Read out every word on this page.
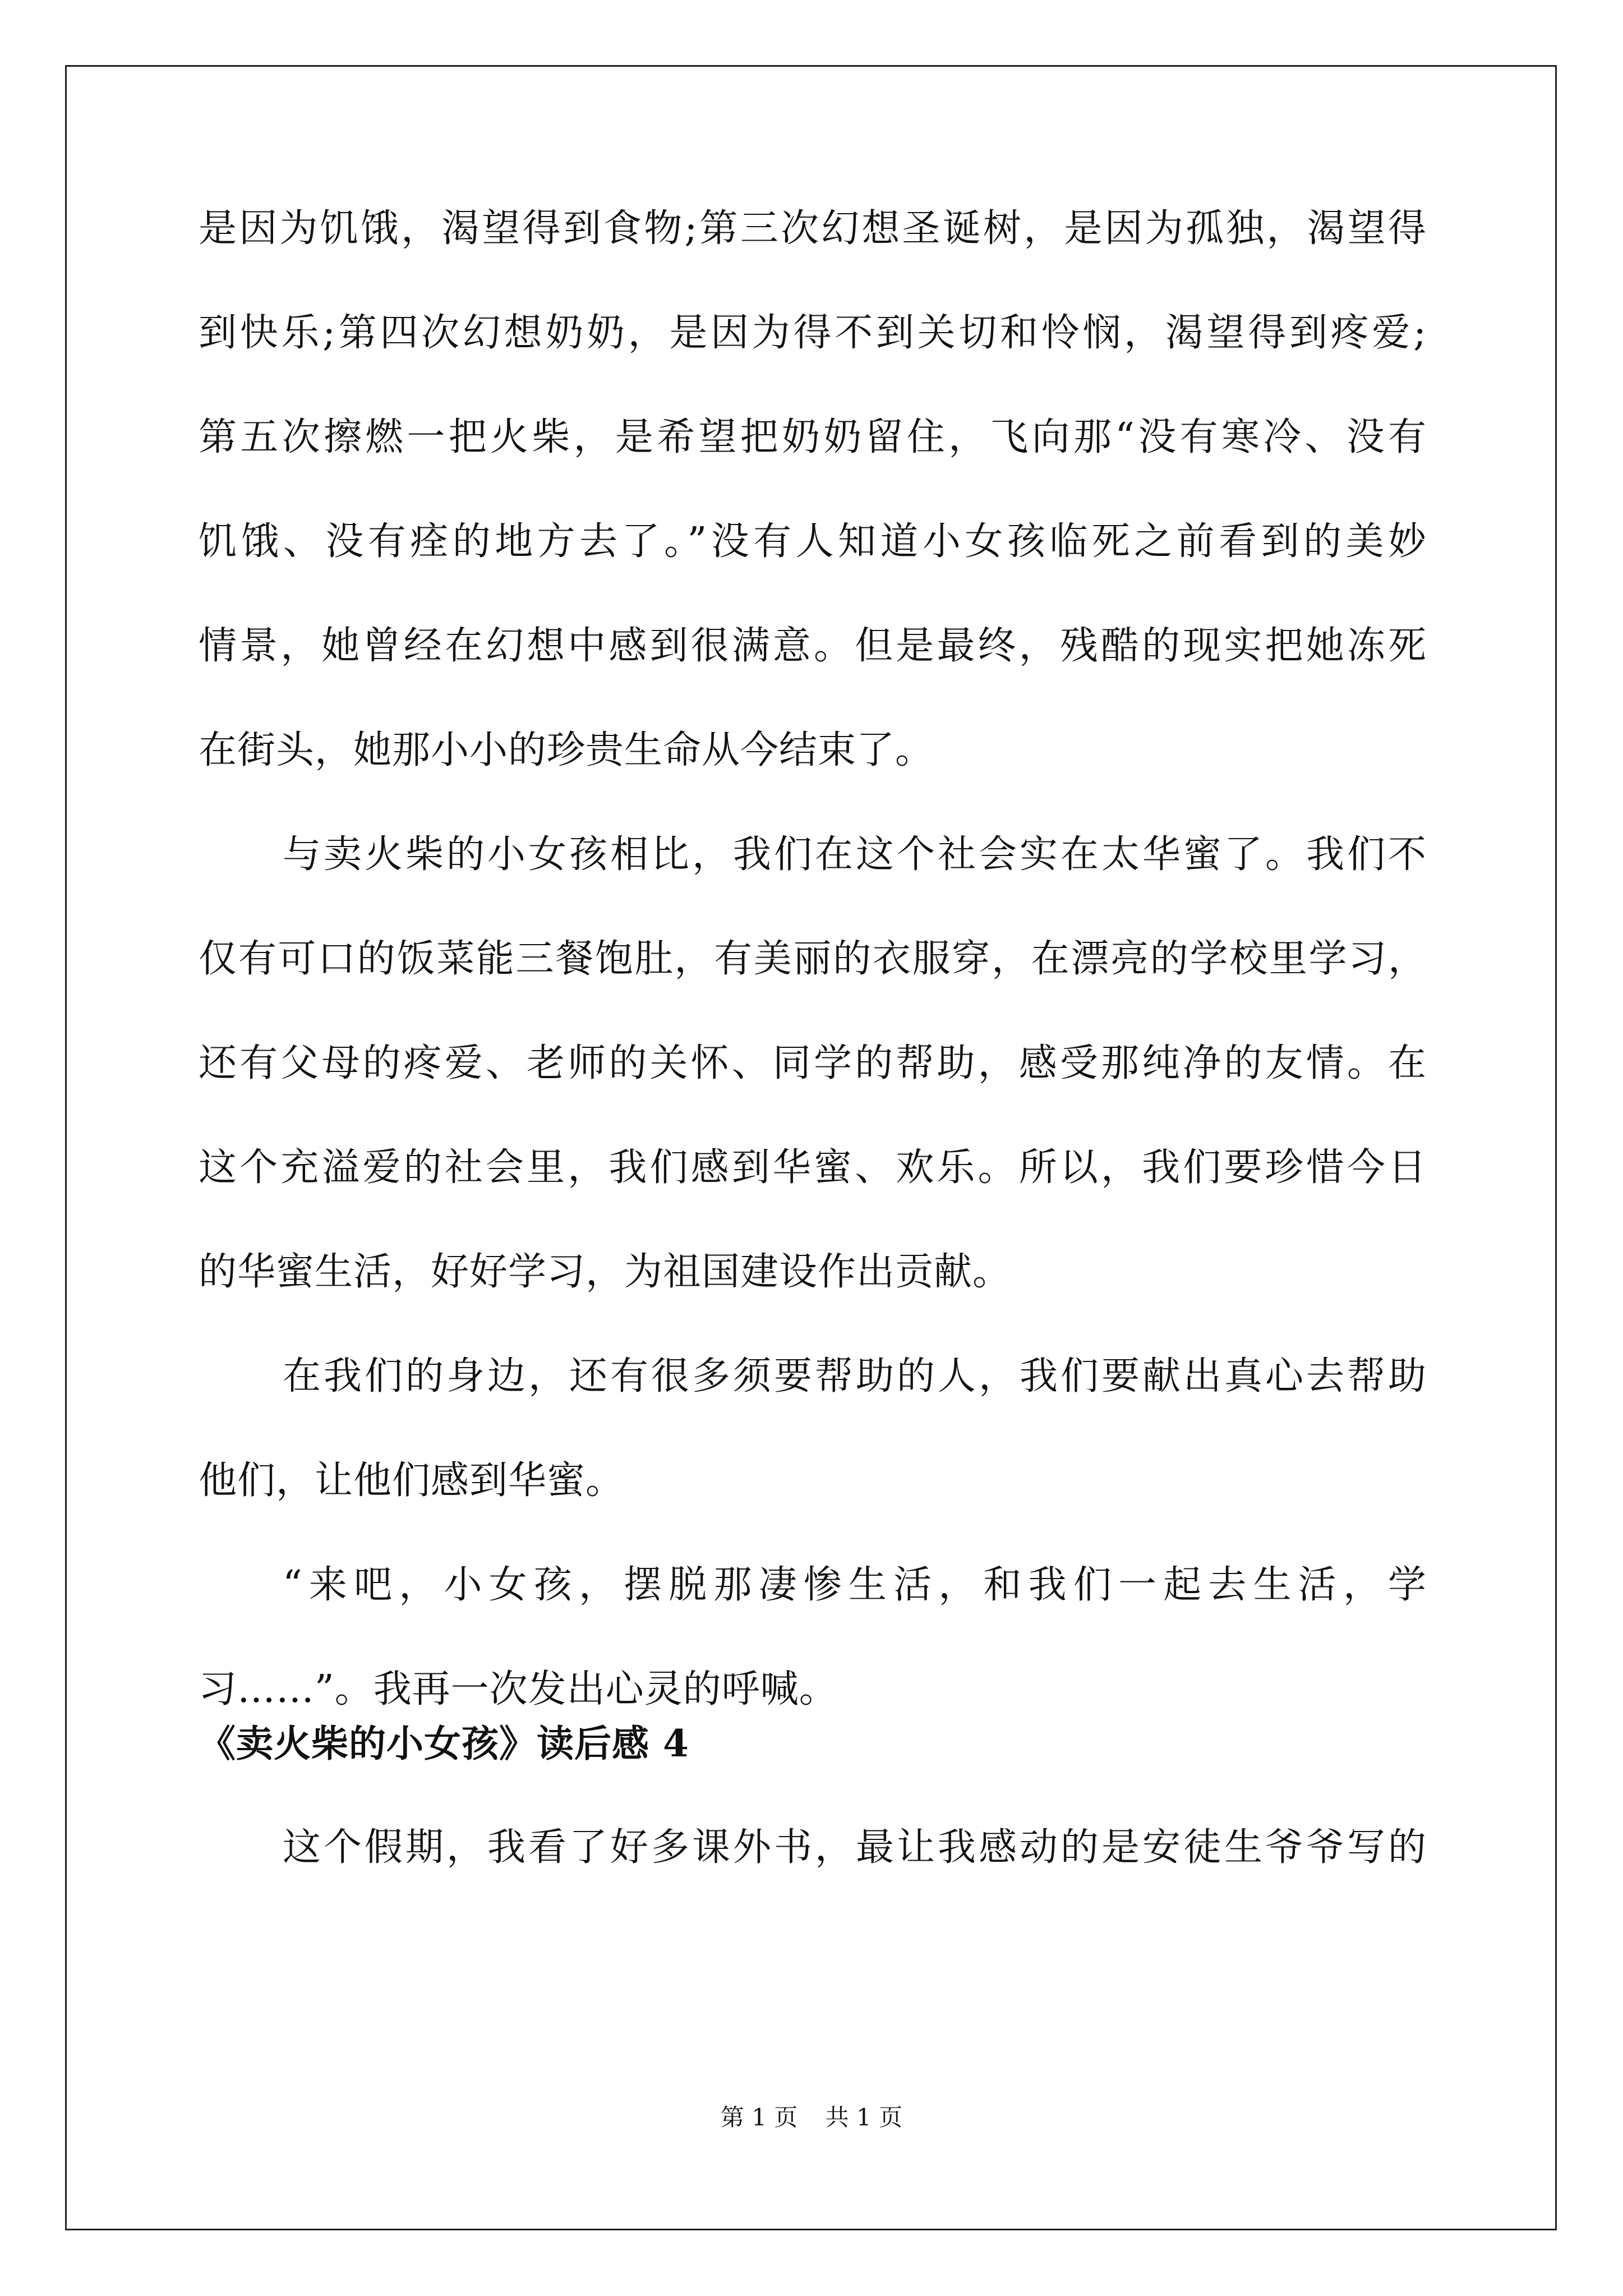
是因为饥饿，渴望得到食物;第三次幻想圣诞树，是因为孤独，渴望得

到快乐;第四次幻想奶奶，是因为得不到关切和怜悯，渴望得到疼爱;

第五次擦燃一把火柴，是希望把奶奶留住，飞向那“没有寒冷、没有

饥饿、没有痊的地方去了。”没有人知道小女孩临死之前看到的美妙

情景，她曾经在幻想中感到很满意。但是最终，残酷的现实把她冻死

在街头，她那小小的珍贵生命从今结束了。

与卖火柴的小女孩相比，我们在这个社会实在太华蜜了。我们不

仅有可口的饭菜能三餐饱肚，有美丽的衣服穿，在漂亮的学校里学习，

还有父母的疼爱、老师的关怀、同学的帮助，感受那纯净的友情。在

这个充溢爱的社会里，我们感到华蜜、欢乐。所以，我们要珍惜今日

的华蜜生活，好好学习，为祖国建设作出贡献。

在我们的身边，还有很多须要帮助的人，我们要献出真心去帮助

他们，让他们感到华蜜。

“来吧，小女孩，摆脱那凄惨生活，和我们一起去生活，学

习……”。我再一次发出心灵的呼喊。

《卖火柴的小女孩》读后感 4

这个假期，我看了好多课外书，最让我感动的是安徒生爷爷写的

第 1 页 共 1 页
